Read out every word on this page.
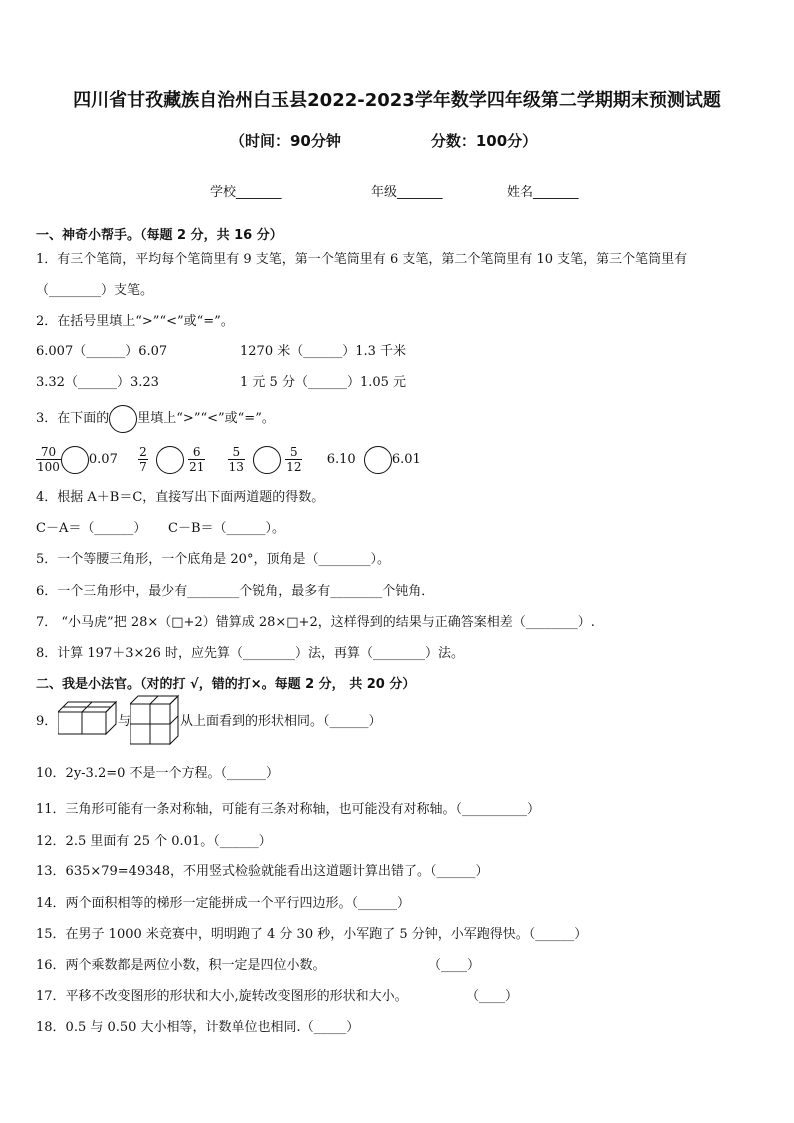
四川省甘孜藏族自治州白玉县2022-2023学年数学四年级第二学期期末预测试题
（时间：90分钟	分数：100分）
学校_______	年级_______	姓名_______
一、神奇小帮手。（每题 2 分，共 16 分）
1．有三个笔筒，平均每个笔筒里有 9 支笔，第一个笔筒里有 6 支笔，第二个笔筒里有 10 支笔，第三个笔筒里有
（________）支笔。
2．在括号里填上“>”“<”或“=”。
6.007（______）6.07	1270 米（______）1.3 千米
3.32（______）3.23	1 元 5 分（______）1.05 元
3．在下面的 里填上“>”“<”或“=”。
$\frac{70}{100} 0.07 \frac{2}{7}$
	$\frac{6}{21}$
$\frac{5}{13}$
	$\frac{5}{12} 6.10$	6.01
4．根据 A＋B＝C，直接写出下面两道题的得数。
C－A＝（______） C－B＝（______）。
5．一个等腰三角形，一个底角是 20°，顶角是（________）。
6．一个三角形中，最少有________个锐角，最多有________个钝角．
7． “小马虎”把 28×（□+2）错算成 28×□+2，这样得到的结果与正确答案相差（________）.
8．计算 197＋3×26 时，应先算（________）法，再算（________）法。
二、我是小法官。（对的打 √，错的打×。每题 2 分， 共 20 分）
9．	与	从上面看到的形状相同。（______）
10．2y-3.2=0 不是一个方程。（______）
11．三角形可能有一条对称轴，可能有三条对称轴，也可能没有对称轴。（__________）
12．2.5 里面有 25 个 0.01。（______）
13．635×79=49348，不用竖式检验就能看出这道题计算出错了。（______）
14．两个面积相等的梯形一定能拼成一个平行四边形。（______）
15．在男子 1000 米竞赛中，明明跑了 4 分 30 秒，小军跑了 5 分钟，小军跑得快。（______）
16．两个乘数都是两位小数，积一定是四位小数。	（____）
17．平移不改变图形的形状和大小,旋转改变图形的形状和大小。	（____）
18．0.5 与 0.50 大小相等，计数单位也相同.（_____）
